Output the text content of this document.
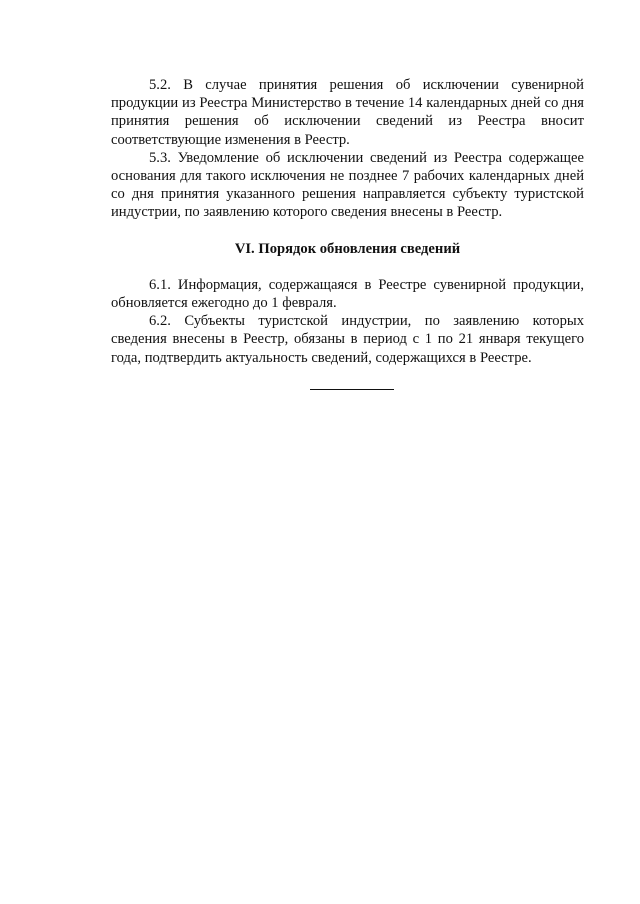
5.2. В случае принятия решения об исключении сувенирной продукции из Реестра Министерство в течение 14 календарных дней со дня принятия решения об исключении сведений из Реестра вносит соответствующие изменения в Реестр.

5.3. Уведомление об исключении сведений из Реестра содержащее основания для такого исключения не позднее 7 рабочих календарных дней со дня принятия указанного решения направляется субъекту туристской индустрии, по заявлению которого сведения внесены в Реестр.

VI. Порядок обновления сведений

6.1. Информация, содержащаяся в Реестре сувенирной продукции, обновляется ежегодно до 1 февраля.

6.2. Субъекты туристской индустрии, по заявлению которых сведения внесены в Реестр, обязаны в период с 1 по 21 января текущего года, подтвердить актуальность сведений, содержащихся в Реестре.
